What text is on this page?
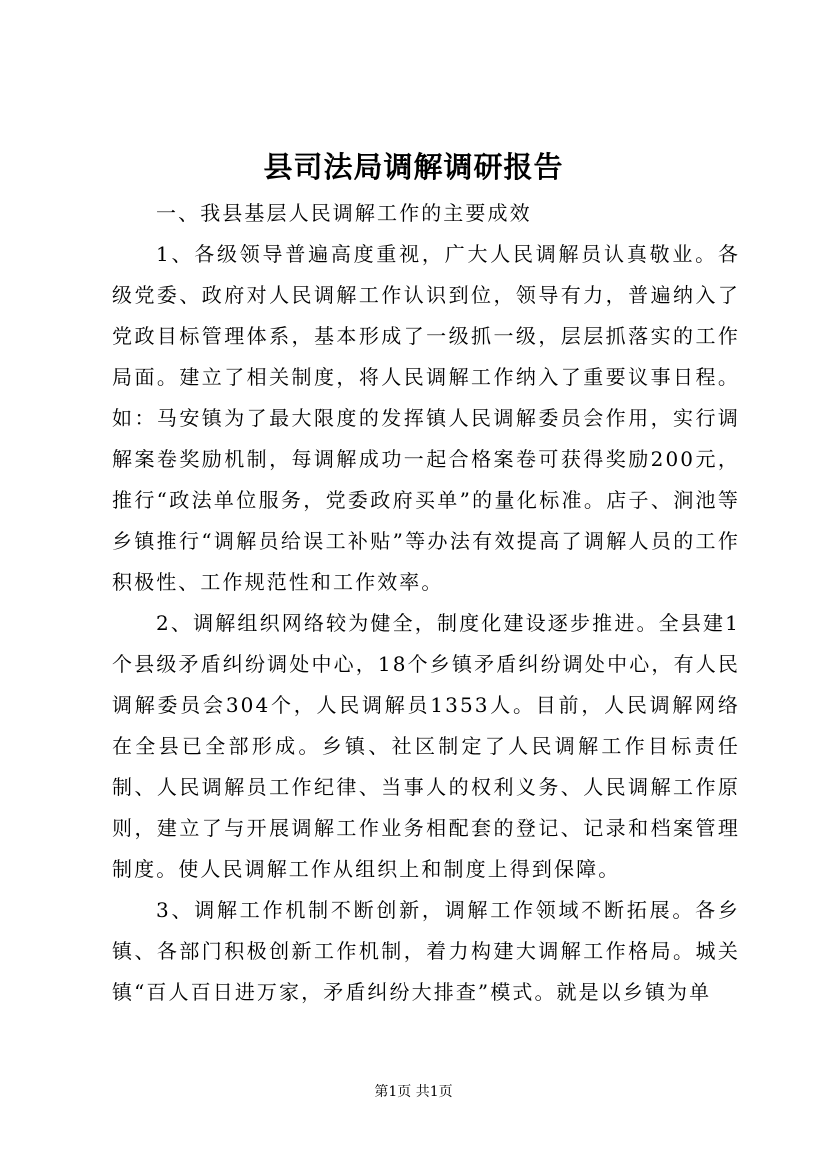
县司法局调解调研报告

一、我县基层人民调解工作的主要成效

1、各级领导普遍高度重视，广大人民调解员认真敬业。各级党委、政府对人民调解工作认识到位，领导有力，普遍纳入了党政目标管理体系，基本形成了一级抓一级，层层抓落实的工作局面。建立了相关制度，将人民调解工作纳入了重要议事日程。如：马安镇为了最大限度的发挥镇人民调解委员会作用，实行调解案卷奖励机制，每调解成功一起合格案卷可获得奖励200元，推行“政法单位服务，党委政府买单”的量化标准。店子、涧池等乡镇推行“调解员给误工补贴”等办法有效提高了调解人员的工作积极性、工作规范性和工作效率。

2、调解组织网络较为健全，制度化建设逐步推进。全县建1个县级矛盾纠纷调处中心，18个乡镇矛盾纠纷调处中心，有人民调解委员会304个，人民调解员1353人。目前，人民调解网络在全县已全部形成。乡镇、社区制定了人民调解工作目标责任制、人民调解员工作纪律、当事人的权利义务、人民调解工作原则，建立了与开展调解工作业务相配套的登记、记录和档案管理制度。使人民调解工作从组织上和制度上得到保障。

3、调解工作机制不断创新，调解工作领域不断拓展。各乡镇、各部门积极创新工作机制，着力构建大调解工作格局。城关镇“百人百日进万家，矛盾纠纷大排查”模式。就是以乡镇为单

第1页 共1页
